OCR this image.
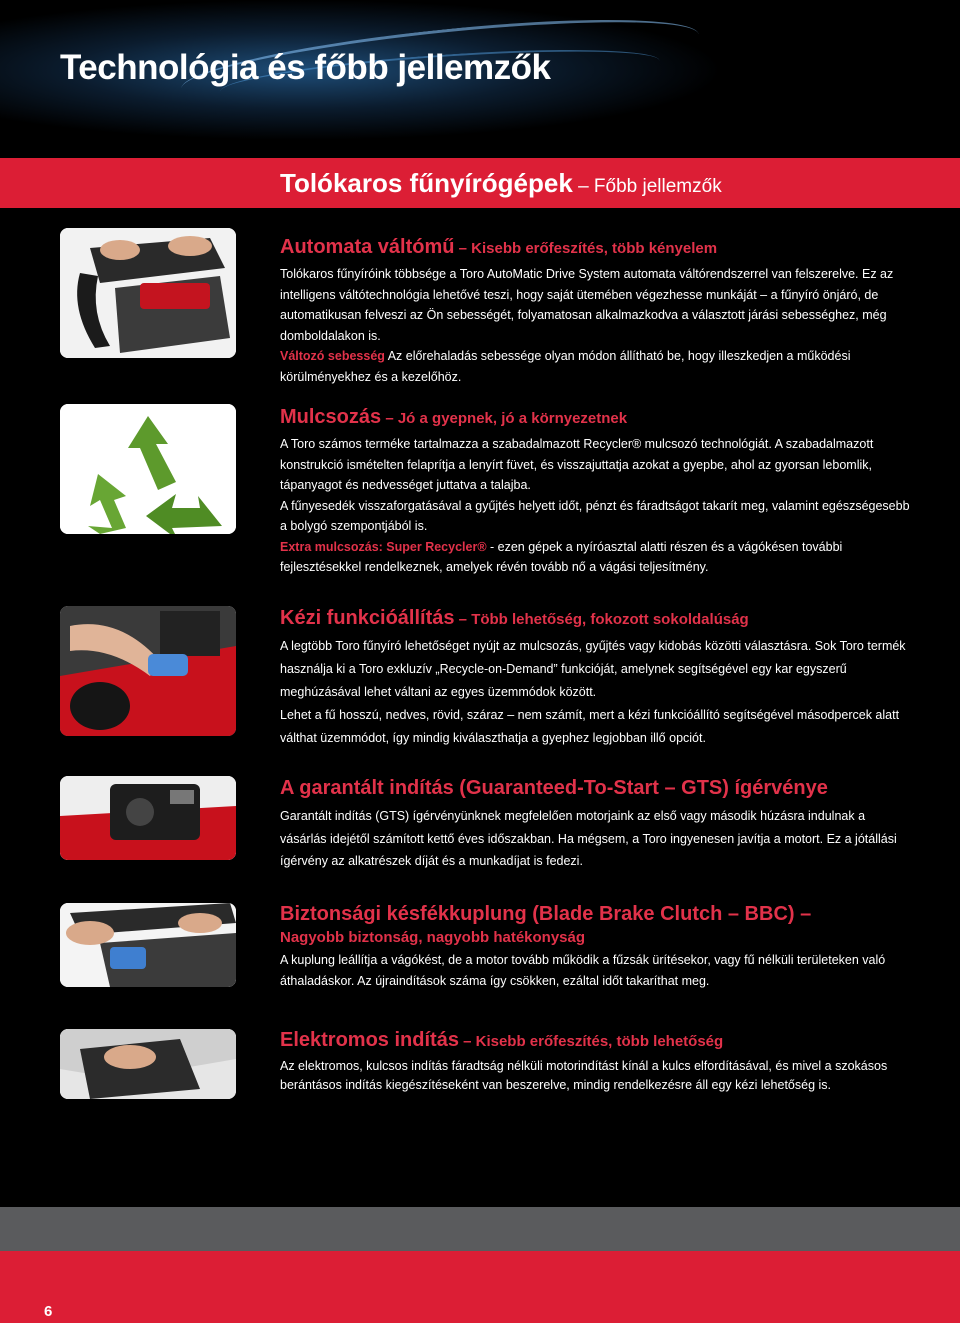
Technológia és főbb jellemzők
Tolókaros fűnyírógépek – Főbb jellemzők
Automata váltómű – Kisebb erőfeszítés, több kényelem

Tolókaros fűnyíróink többsége a Toro AutoMatic Drive System automata váltórendszerrel van felszerelve. Ez az intelligens váltótechnológia lehetővé teszi, hogy saját ütemében végezhesse munkáját – a fűnyíró önjáró, de automatikusan felveszi az Ön sebességét, folyamatosan alkalmazkodva a választott járási sebességhez, még domboldalakon is.

Változó sebesség Az előrehaladás sebessége olyan módon állítható be, hogy illeszkedjen a működési körülményekhez és a kezelőhöz.

Mulcsozás – Jó a gyepnek, jó a környezetnek

A Toro számos terméke tartalmazza a szabadalmazott Recycler® mulcsozó technológiát. A szabadalmazott konstrukció ismételten felaprítja a lenyírt füvet, és visszajuttatja azokat a gyepbe, ahol az gyorsan lebomlik, tápanyagot és nedvességet juttatva a talajba.

A fűnyesedék visszaforgatásával a gyűjtés helyett időt, pénzt és fáradtságot takarít meg, valamint egészségesebb a bolygó szempontjából is.

Extra mulcsozás: Super Recycler® - ezen gépek a nyíróasztal alatti részen és a vágókésen további fejlesztésekkel rendelkeznek, amelyek révén tovább nő a vágási teljesítmény.

Kézi funkcióállítás – Több lehetőség, fokozott sokoldalúság

A legtöbb Toro fűnyíró lehetőséget nyújt az mulcsozás, gyűjtés vagy kidobás közötti választásra. Sok Toro termék használja ki a Toro exkluzív „Recycle-on-Demand” funkcióját, amelynek segítségével egy kar egyszerű meghúzásával lehet váltani az egyes üzemmódok között.

Lehet a fű hosszú, nedves, rövid, száraz – nem számít, mert a kézi funkcióállító segítségével másodpercek alatt válthat üzemmódot, így mindig kiválaszthatja a gyephez legjobban illő opciót.

A garantált indítás (Guaranteed-To-Start – GTS) ígérvénye

Garantált indítás (GTS) ígérvényünknek megfelelően motorjaink az első vagy második húzásra indulnak a vásárlás idejétől számított kettő éves időszakban. Ha mégsem, a Toro ingyenesen javítja a motort. Ez a jótállási ígérvény az alkatrészek díját és a munkadíjat is fedezi.

Biztonsági késfékkuplung (Blade Brake Clutch – BBC) –
Nagyobb biztonság, nagyobb hatékonyság

A kuplung leállítja a vágókést, de a motor tovább működik a fűzsák ürítésekor, vagy fű nélküli területeken való áthaladáskor. Az újraindítások száma így csökken, ezáltal időt takaríthat meg.

Elektromos indítás – Kisebb erőfeszítés, több lehetőség

Az elektromos, kulcsos indítás fáradtság nélküli motorindítást kínál a kulcs elfordításával, és mivel a szokásos berántásos indítás kiegészítéseként van beszerelve, mindig rendelkezésre áll egy kézi lehetőség is.

6
